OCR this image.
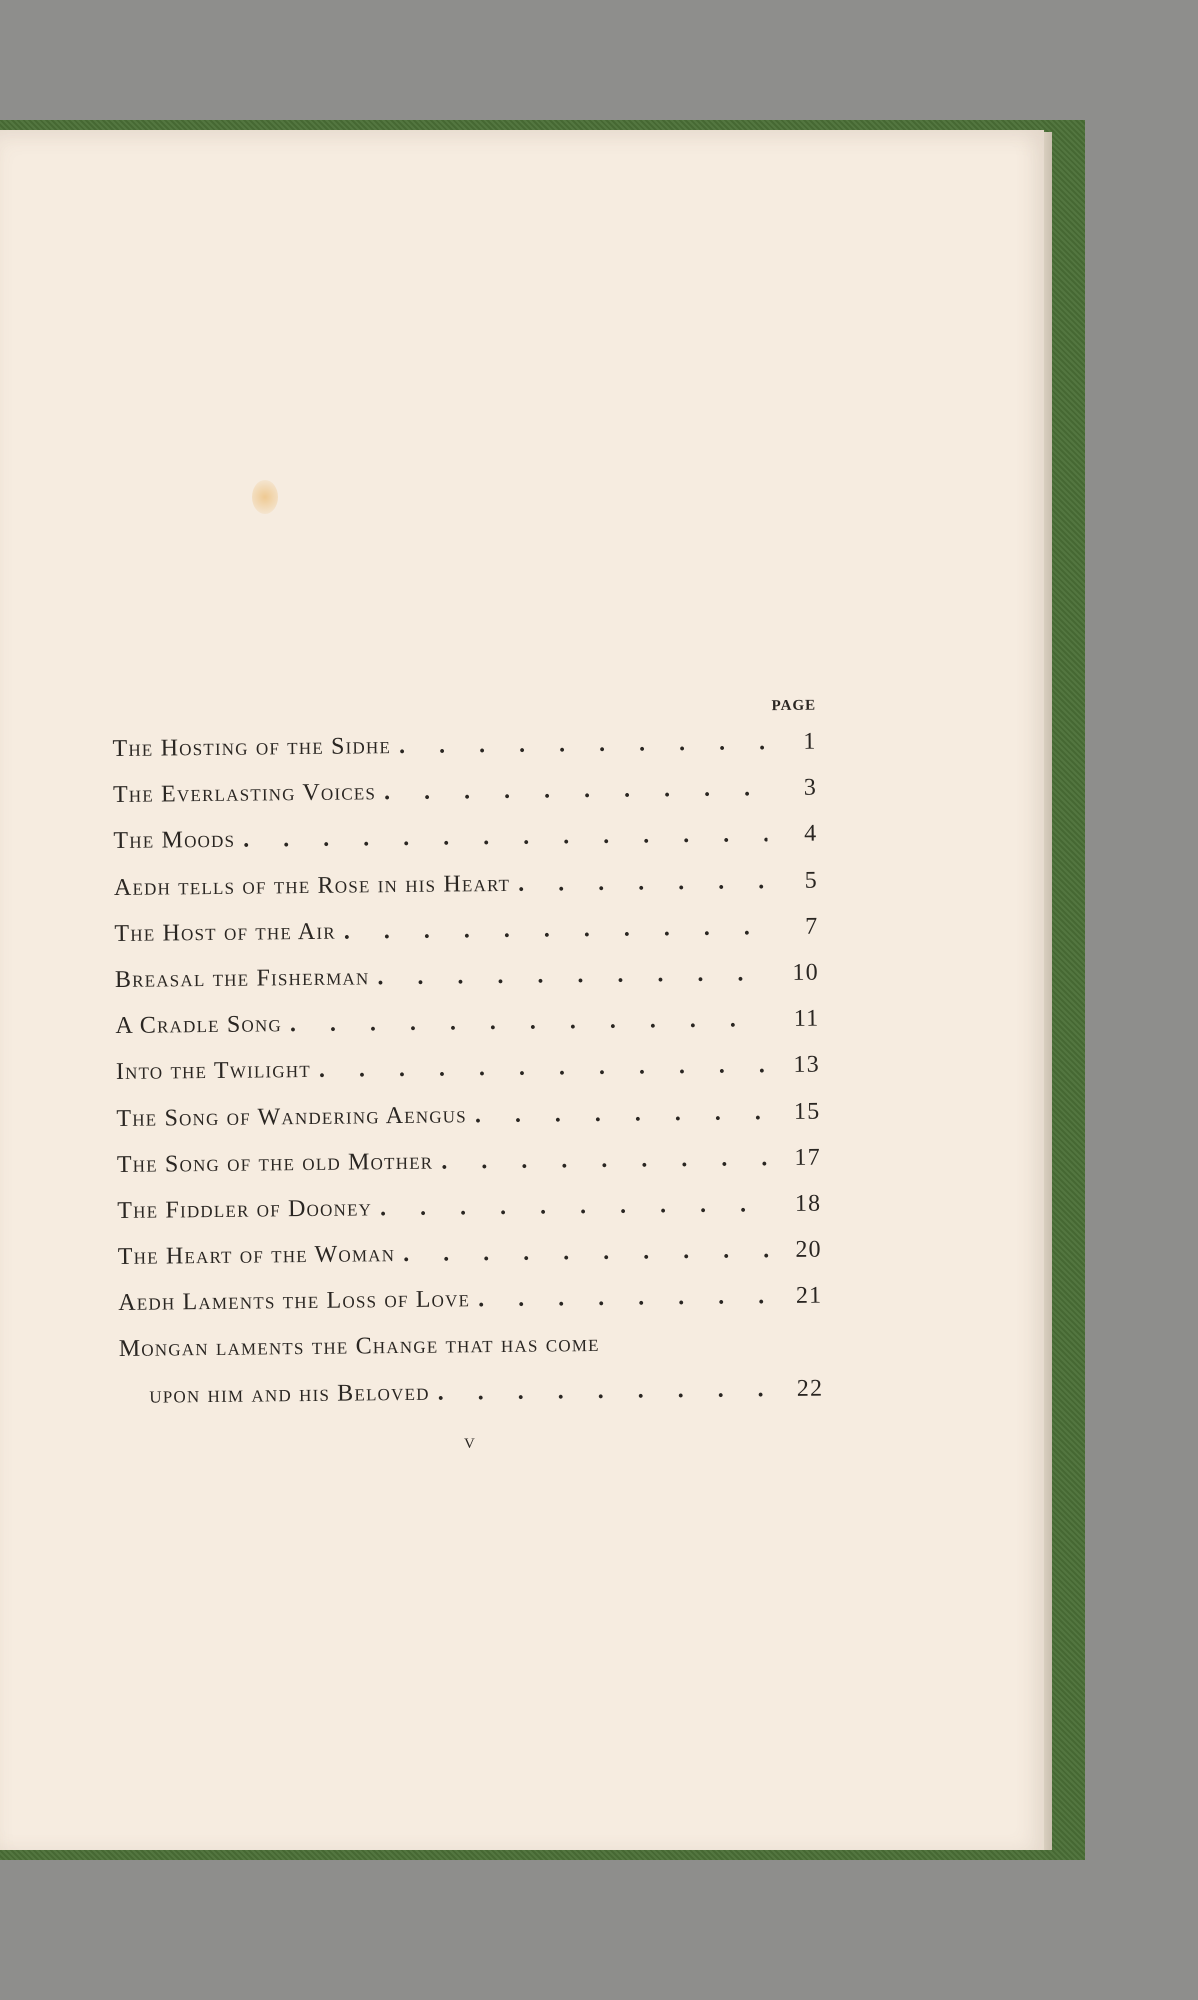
PAGE
The Hosting of the Sidhe . . .	1
The Everlasting Voices . . .	3
The Moods . . .	4
Aedh tells of the Rose in his Heart . . .	5
The Host of the Air . . .	7
Breasal the Fisherman . . .	10
A Cradle Song . . .	11
Into the Twilight . . .	13
The Song of Wandering Aengus . . .	15
The Song of the old Mother . . .	17
The Fiddler of Dooney . . .	18
The Heart of the Woman . . .	20
Aedh Laments the Loss of Love . . .	21
Mongan laments the Change that has come
upon him and his Beloved . . .	22
v
